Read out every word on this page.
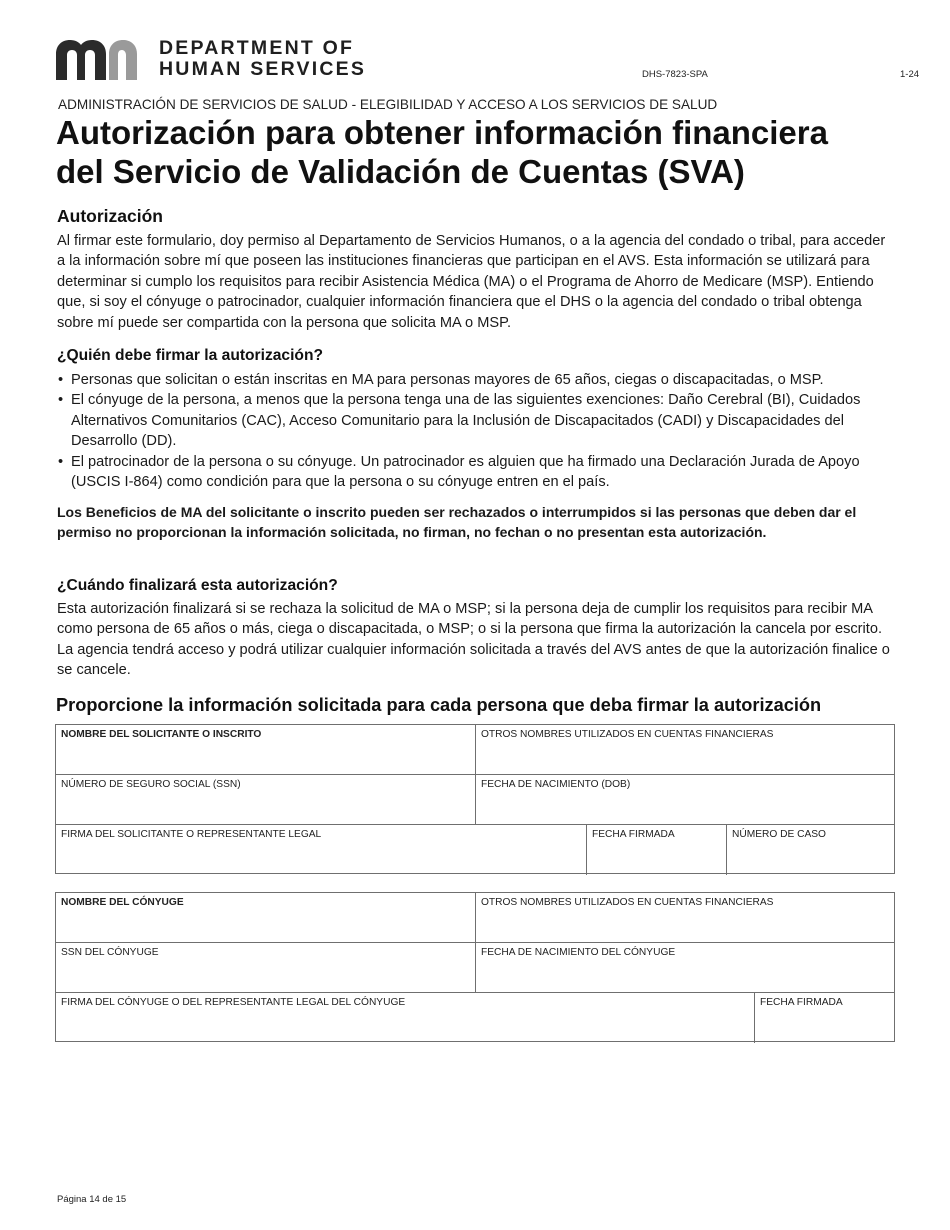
DEPARTMENT OF
HUMAN SERVICES	DHS-7823-SPA	1-24
ADMINISTRACIÓN DE SERVICIOS DE SALUD - ELEGIBILIDAD Y ACCESO A LOS SERVICIOS DE SALUD
Autorización para obtener información financiera
del Servicio de Validación de Cuentas (SVA)
Autorización

Al firmar este formulario, doy permiso al Departamento de Servicios Humanos, o a la agencia del condado o tribal, para acceder a la información sobre mí que poseen las instituciones financieras que participan en el AVS. Esta información se utilizará para determinar si cumplo los requisitos para recibir Asistencia Médica (MA) o el Programa de Ahorro de Medicare (MSP). Entiendo que, si soy el cónyuge o patrocinador, cualquier información financiera que el DHS o la agencia del condado o tribal obtenga sobre mí puede ser compartida con la persona que solicita MA o MSP.

¿Quién debe firmar la autorización?
• Personas que solicitan o están inscritas en MA para personas mayores de 65 años, ciegas o discapacitadas, o MSP.
• El cónyuge de la persona, a menos que la persona tenga una de las siguientes exenciones: Daño Cerebral (BI), Cuidados Alternativos Comunitarios (CAC), Acceso Comunitario para la Inclusión de Discapacitados (CADI) y Discapacidades del Desarrollo (DD).
• El patrocinador de la persona o su cónyuge. Un patrocinador es alguien que ha firmado una Declaración Jurada de Apoyo (USCIS I-864) como condición para que la persona o su cónyuge entren en el país.

Los Beneficios de MA del solicitante o inscrito pueden ser rechazados o interrumpidos si las personas que deben dar el permiso no proporcionan la información solicitada, no firman, no fechan o no presentan esta autorización.

¿Cuándo finalizará esta autorización?

Esta autorización finalizará si se rechaza la solicitud de MA o MSP; si la persona deja de cumplir los requisitos para recibir MA como persona de 65 años o más, ciega o discapacitada, o MSP; o si la persona que firma la autorización la cancela por escrito. La agencia tendrá acceso y podrá utilizar cualquier información solicitada a través del AVS antes de que la autorización finalice o se cancele.

Proporcione la información solicitada para cada persona que deba firmar la autorización
NOMBRE DEL SOLICITANTE O INSCRITO	OTROS NOMBRES UTILIZADOS EN CUENTAS FINANCIERAS
NÚMERO DE SEGURO SOCIAL (SSN)	FECHA DE NACIMIENTO (DOB)
FIRMA DEL SOLICITANTE O REPRESENTANTE LEGAL	FECHA FIRMADA	NÚMERO DE CASO
NOMBRE DEL CÓNYUGE	OTROS NOMBRES UTILIZADOS EN CUENTAS FINANCIERAS
SSN DEL CÓNYUGE	FECHA DE NACIMIENTO DEL CÓNYUGE
FIRMA DEL CÓNYUGE O DEL REPRESENTANTE LEGAL DEL CÓNYUGE	FECHA FIRMADA
Página 14 de 15
